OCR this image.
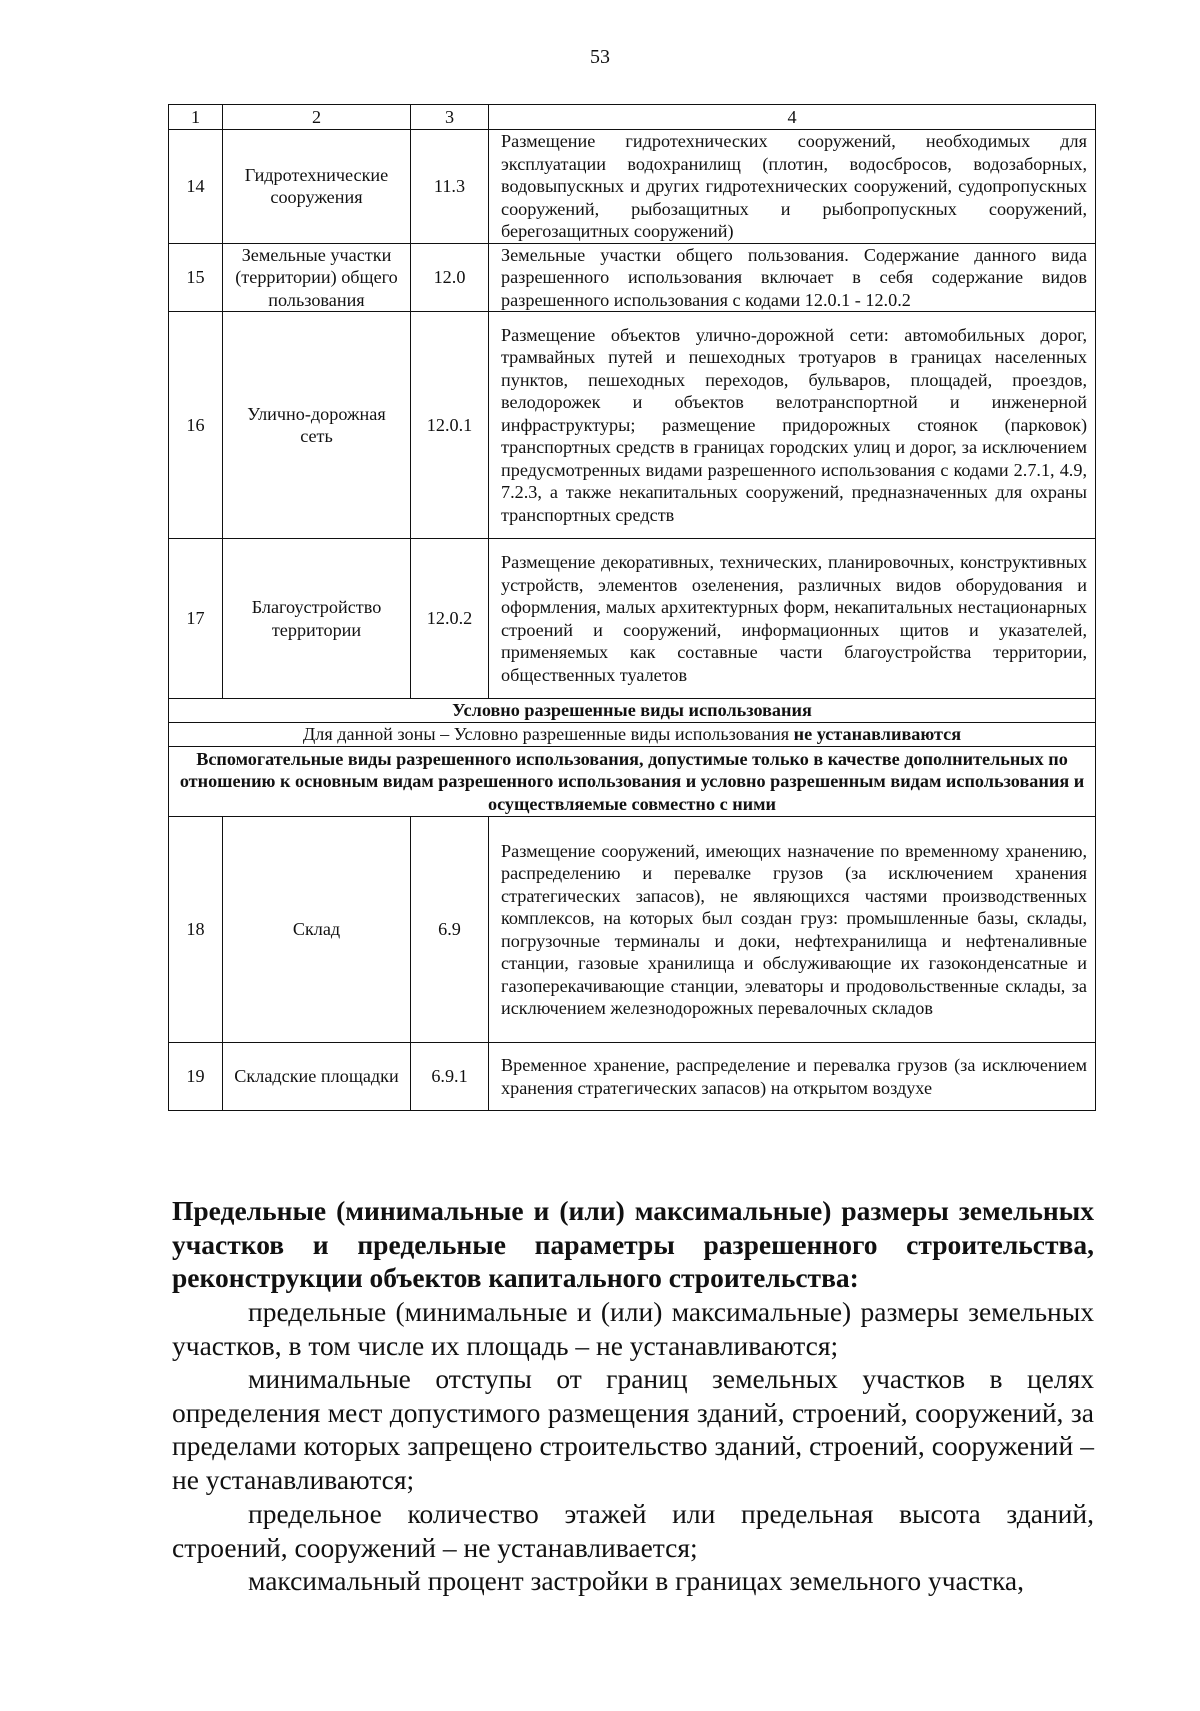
53
1	2	3	4
14	Гидротехнические сооружения	11.3	Размещение гидротехнических сооружений, необходимых для эксплуатации водохранилищ (плотин, водосбросов, водозаборных, водовыпускных и других гидротехнических сооружений, судопропускных сооружений, рыбозащитных и рыбопропускных сооружений, берегозащитных сооружений)
15	Земельные участки (территории) общего пользования	12.0	Земельные участки общего пользования. Содержание данного вида разрешенного использования включает в себя содержание видов разрешенного использования с кодами 12.0.1 - 12.0.2
16	Улично-дорожная сеть	12.0.1	Размещение объектов улично-дорожной сети: автомобильных дорог, трамвайных путей и пешеходных тротуаров в границах населенных пунктов, пешеходных переходов, бульваров, площадей, проездов, велодорожек и объектов велотранспортной и инженерной инфраструктуры; размещение придорожных стоянок (парковок) транспортных средств в границах городских улиц и дорог, за исключением предусмотренных видами разрешенного использования с кодами 2.7.1, 4.9, 7.2.3, а также некапитальных сооружений, предназначенных для охраны транспортных средств
17	Благоустройство территории	12.0.2	Размещение декоративных, технических, планировочных, конструктивных устройств, элементов озеленения, различных видов оборудования и оформления, малых архитектурных форм, некапитальных нестационарных строений и сооружений, информационных щитов и указателей, применяемых как составные части благоустройства территории, общественных туалетов
Условно разрешенные виды использования			
Для данной зоны – Условно разрешенные виды использования не устанавливаются			
Вспомогательные виды разрешенного использования, допустимые только в качестве дополнительных по отношению к основным видам разрешенного использования и условно разрешенным видам использования и осуществляемые совместно с ними			
18	Склад	6.9	Размещение сооружений, имеющих назначение по временному хранению, распределению и перевалке грузов (за исключением хранения стратегических запасов), не являющихся частями производственных комплексов, на которых был создан груз: промышленные базы, склады, погрузочные терминалы и доки, нефтехранилища и нефтеналивные станции, газовые хранилища и обслуживающие их газоконденсатные и газоперекачивающие станции, элеваторы и продовольственные склады, за исключением железнодорожных перевалочных складов
19	Складские площадки	6.9.1	Временное хранение, распределение и перевалка грузов (за исключением хранения стратегических запасов) на открытом воздухе
Предельные (минимальные и (или) максимальные) размеры земельных участков и предельные параметры разрешенного строительства, реконструкции объектов капитального строительства:
предельные (минимальные и (или) максимальные) размеры земельных участков, в том числе их площадь – не устанавливаются;
минимальные отступы от границ земельных участков в целях определения мест допустимого размещения зданий, строений, сооружений, за пределами которых запрещено строительство зданий, строений, сооружений – не устанавливаются;
предельное количество этажей или предельная высота зданий, строений, сооружений – не устанавливается;
максимальный процент застройки в границах земельного участка,
